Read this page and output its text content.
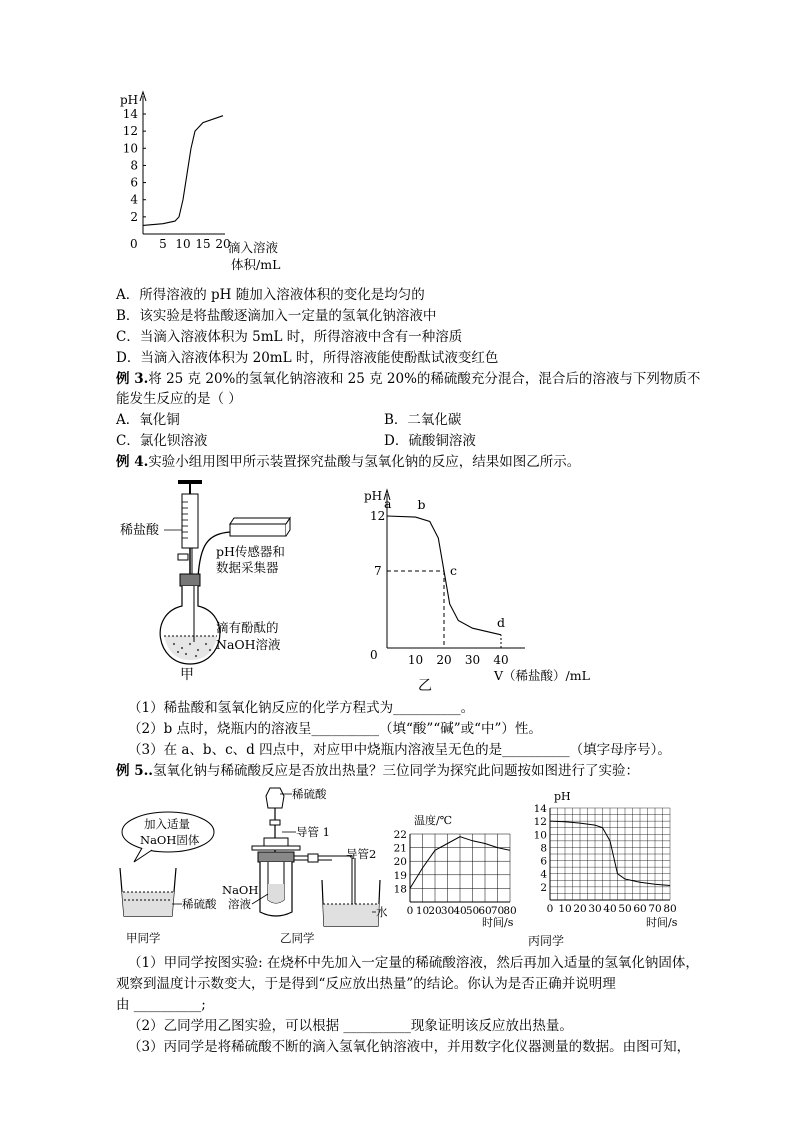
pH
2
4
6
8
10
12
14
5 10 15 20
0	滴入溶液
体积/mL
A．所得溶液的 pH 随加入溶液体积的变化是均匀的
B．该实验是将盐酸逐滴加入一定量的氢氧化钠溶液中
C．当滴入溶液体积为 5mL 时，所得溶液中含有一种溶质
D．当滴入溶液体积为 20mL 时，所得溶液能使酚酞试液变红色
例 3.将 25 克 20%的氢氧化钠溶液和 25 克 20%的稀硫酸充分混合，混合后的溶液与下列物质不
能发生反应的是（ ）
A．氧化铜	B．二氧化碳
C．氯化钡溶液	D．硫酸铜溶液
例 4.实验小组用图甲所示装置探究盐酸与氢氧化钠的反应，结果如图乙所示。
稀盐酸
pH传感器和
数据采集器
滴有酚酞的
NaOH溶液
甲
pH
0
12
7
10 20 30 40
a b
c
d
V（稀盐酸）/mL
乙
（1）稀盐酸和氢氧化钠反应的化学方程式为__________。
（2）b 点时，烧瓶内的溶液呈__________（填“酸”“碱”或“中”）性。
（3）在 a、b、c、d 四点中，对应甲中烧瓶内溶液呈无色的是__________（填字母序号）。
例 5..氢氧化钠与稀硫酸反应是否放出热量？三位同学为探究此问题按如图进行了实验：
加入适量
NaOH固体
稀硫酸
甲同学
稀硫酸
导管 1
导管2
水
NaOH
溶液
乙同学
温度/℃
18
19
20
21
22
0 10 20 30 40 50 60 70 80
时间/s
pH
2
4
6
8
10
12
14
0 10 20 30 40 50 60 70 80
时间/s
丙同学
（1）甲同学按图实验: 在烧杯中先加入一定量的稀硫酸溶液，然后再加入适量的氢氧化钠固体，
观察到温度计示数变大，于是得到“反应放出热量”的结论。你认为是否正确并说明理
由 __________;
（2）乙同学用乙图实验，可以根据 __________现象证明该反应放出热量。
（3）丙同学是将稀硫酸不断的滴入氢氧化钠溶液中，并用数字化仪器测量的数据。由图可知，
